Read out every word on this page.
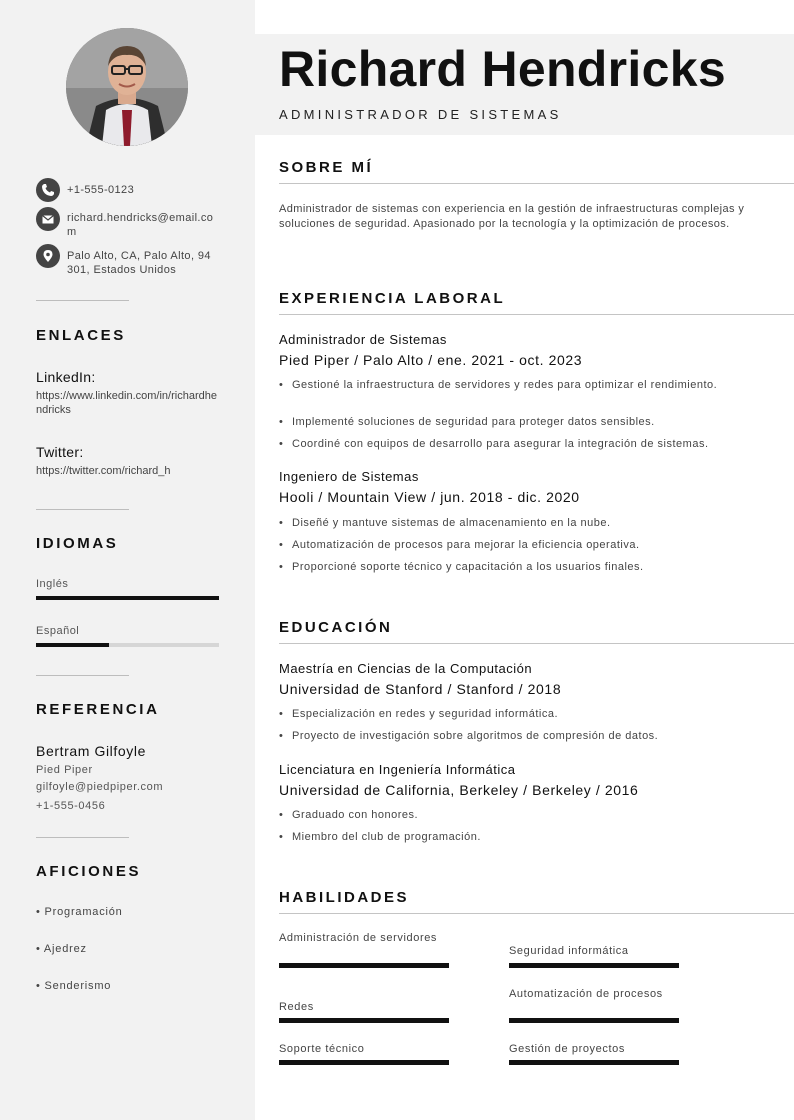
+1-555-0123
richard.hendricks@email.com
Palo Alto, CA, Palo Alto, 94301, Estados Unidos
ENLACES
LinkedIn:
https://www.linkedin.com/in/richardhendricks
Twitter:
https://twitter.com/richard_h
IDIOMAS
Inglés
Español
REFERENCIA
Bertram Gilfoyle
Pied Piper
gilfoyle@piedpiper.com
+1-555-0456
AFICIONES
• Programación
• Ajedrez
• Senderismo
Richard Hendricks
ADMINISTRADOR DE SISTEMAS
SOBRE MÍ
Administrador de sistemas con experiencia en la gestión de infraestructuras complejas y soluciones de seguridad. Apasionado por la tecnología y la optimización de procesos.
EXPERIENCIA LABORAL
Administrador de Sistemas
Pied Piper / Palo Alto / ene. 2021 - oct. 2023
• Gestioné la infraestructura de servidores y redes para optimizar el rendimiento.
• Implementé soluciones de seguridad para proteger datos sensibles.
• Coordiné con equipos de desarrollo para asegurar la integración de sistemas.
Ingeniero de Sistemas
Hooli / Mountain View / jun. 2018 - dic. 2020
• Diseñé y mantuve sistemas de almacenamiento en la nube.
• Automatización de procesos para mejorar la eficiencia operativa.
• Proporcioné soporte técnico y capacitación a los usuarios finales.
EDUCACIÓN
Maestría en Ciencias de la Computación
Universidad de Stanford / Stanford / 2018
• Especialización en redes y seguridad informática.
• Proyecto de investigación sobre algoritmos de compresión de datos.
Licenciatura en Ingeniería Informática
Universidad de California, Berkeley / Berkeley / 2016
• Graduado con honores.
• Miembro del club de programación.
HABILIDADES
Administración de servidores
Seguridad informática
Redes
Automatización de procesos
Soporte técnico	Gestión de proyectos
